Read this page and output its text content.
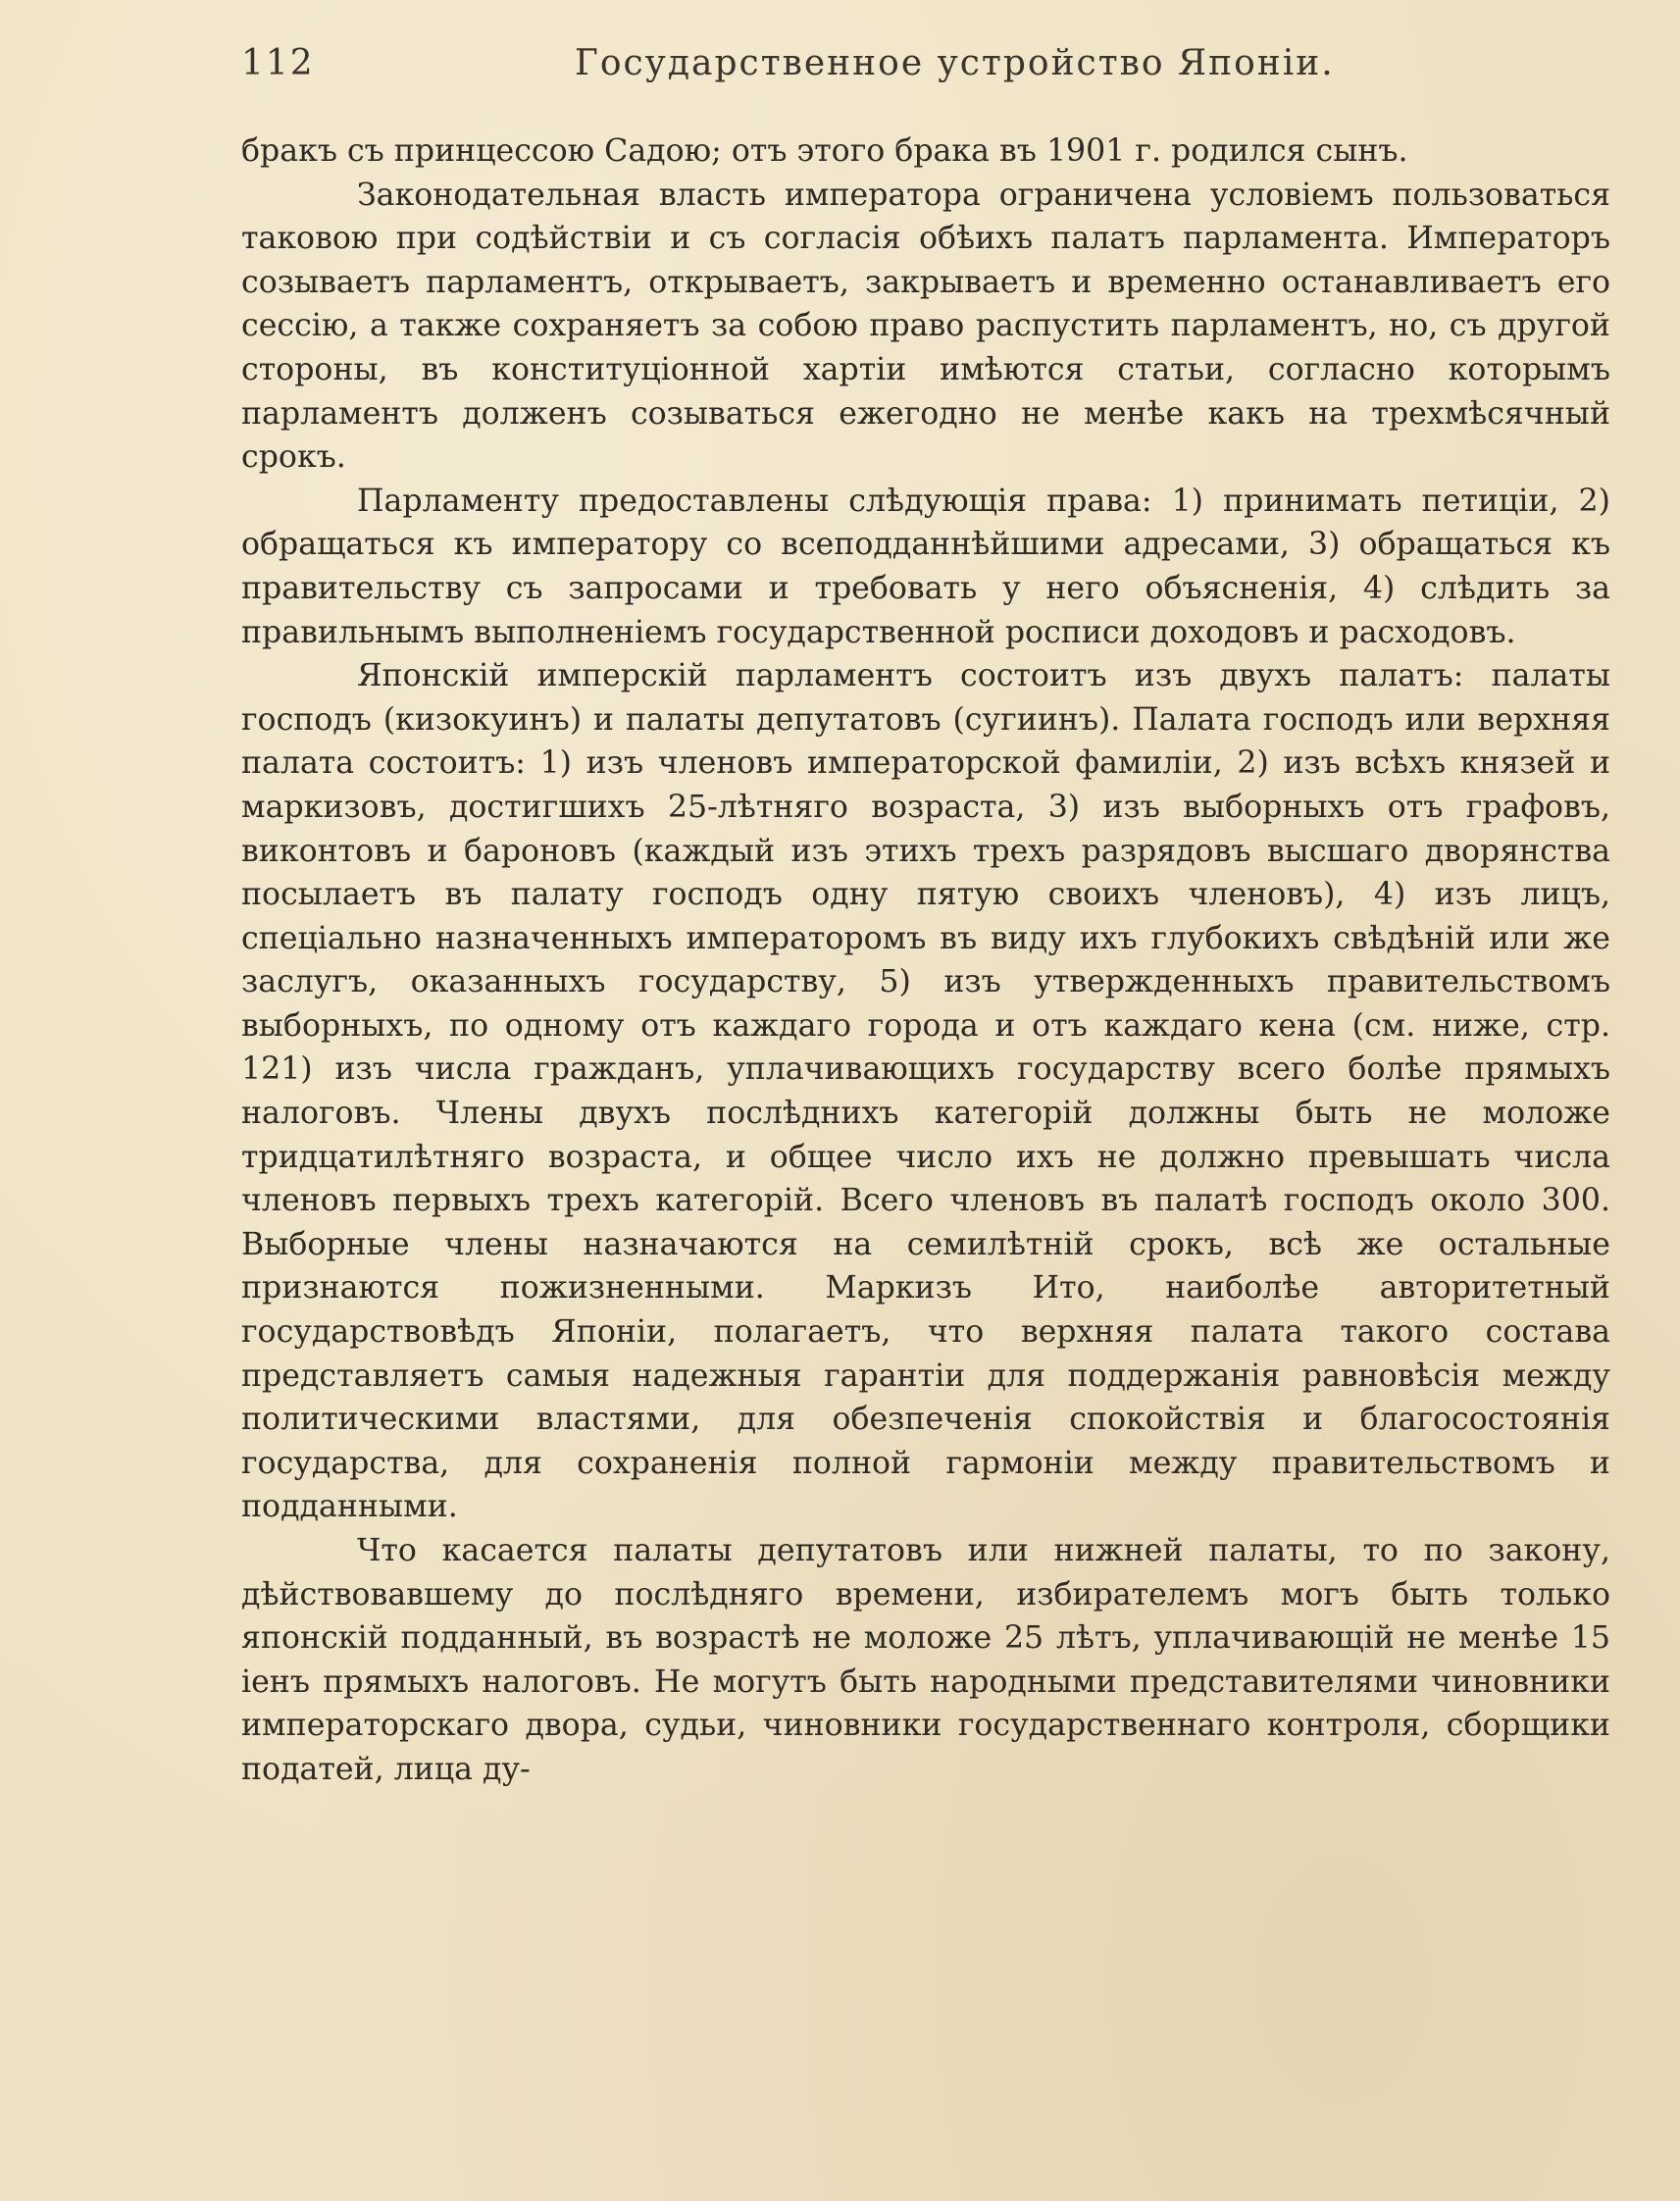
112	Государственное устройство Японіи.

бракъ съ принцессою Садою; отъ этого брака въ 1901 г. родился сынъ.

Законодательная власть императора ограничена условіемъ пользоваться таковою при содѣйствіи и съ согласія обѣихъ палатъ парламента. Императоръ созываетъ парламентъ, открываетъ, закрываетъ и временно останавливаетъ его сессію, а также сохраняетъ за собою право распустить парламентъ, но, съ другой стороны, въ конституціонной хартіи имѣются статьи, согласно которымъ парламентъ долженъ созываться ежегодно не менѣе какъ на трехмѣсячный срокъ.

Парламенту предоставлены слѣдующія права: 1) принимать петиціи, 2) обращаться къ императору со всеподданнѣйшими адресами, 3) обращаться къ правительству съ запросами и требовать у него объясненія, 4) слѣдить за правильнымъ выполненіемъ государственной росписи доходовъ и расходовъ.

Японскій имперскій парламентъ состоитъ изъ двухъ палатъ: палаты господъ (кизокуинъ) и палаты депутатовъ (сугиинъ). Палата господъ или верхняя палата состоитъ: 1) изъ членовъ императорской фамиліи, 2) изъ всѣхъ князей и маркизовъ, достигшихъ 25-лѣтняго возраста, 3) изъ выборныхъ отъ графовъ, виконтовъ и бароновъ (каждый изъ этихъ трехъ разрядовъ высшаго дворянства посылаетъ въ палату господъ одну пятую своихъ членовъ), 4) изъ лицъ, спеціально назначенныхъ императоромъ въ виду ихъ глубокихъ свѣдѣній или же заслугъ, оказанныхъ государству, 5) изъ утвержденныхъ правительствомъ выборныхъ, по одному отъ каждаго города и отъ каждаго кена (см. ниже, стр. 121) изъ числа гражданъ, уплачивающихъ государству всего болѣе прямыхъ налоговъ. Члены двухъ послѣднихъ категорій должны быть не моложе тридцатилѣтняго возраста, и общее число ихъ не должно превышать числа членовъ первыхъ трехъ категорій. Всего членовъ въ палатѣ господъ около 300. Выборные члены назначаются на семилѣтній срокъ, всѣ же остальные признаются пожизненными. Маркизъ Ито, наиболѣе авторитетный государствовѣдъ Японіи, полагаетъ, что верхняя палата такого состава представляетъ самыя надежныя гарантіи для поддержанія равновѣсія между политическими властями, для обезпеченія спокойствія и благосостоянія государства, для сохраненія полной гармоніи между правительствомъ и подданными.

Что касается палаты депутатовъ или нижней палаты, то по закону, дѣйствовавшему до послѣдняго времени, избирателемъ могъ быть только японскій подданный, въ возрастѣ не моложе 25 лѣтъ, уплачивающій не менѣе 15 іенъ прямыхъ налоговъ. Не могутъ быть народными представителями чиновники императорскаго двора, судьи, чиновники государственнаго контроля, сборщики податей, лица ду-
